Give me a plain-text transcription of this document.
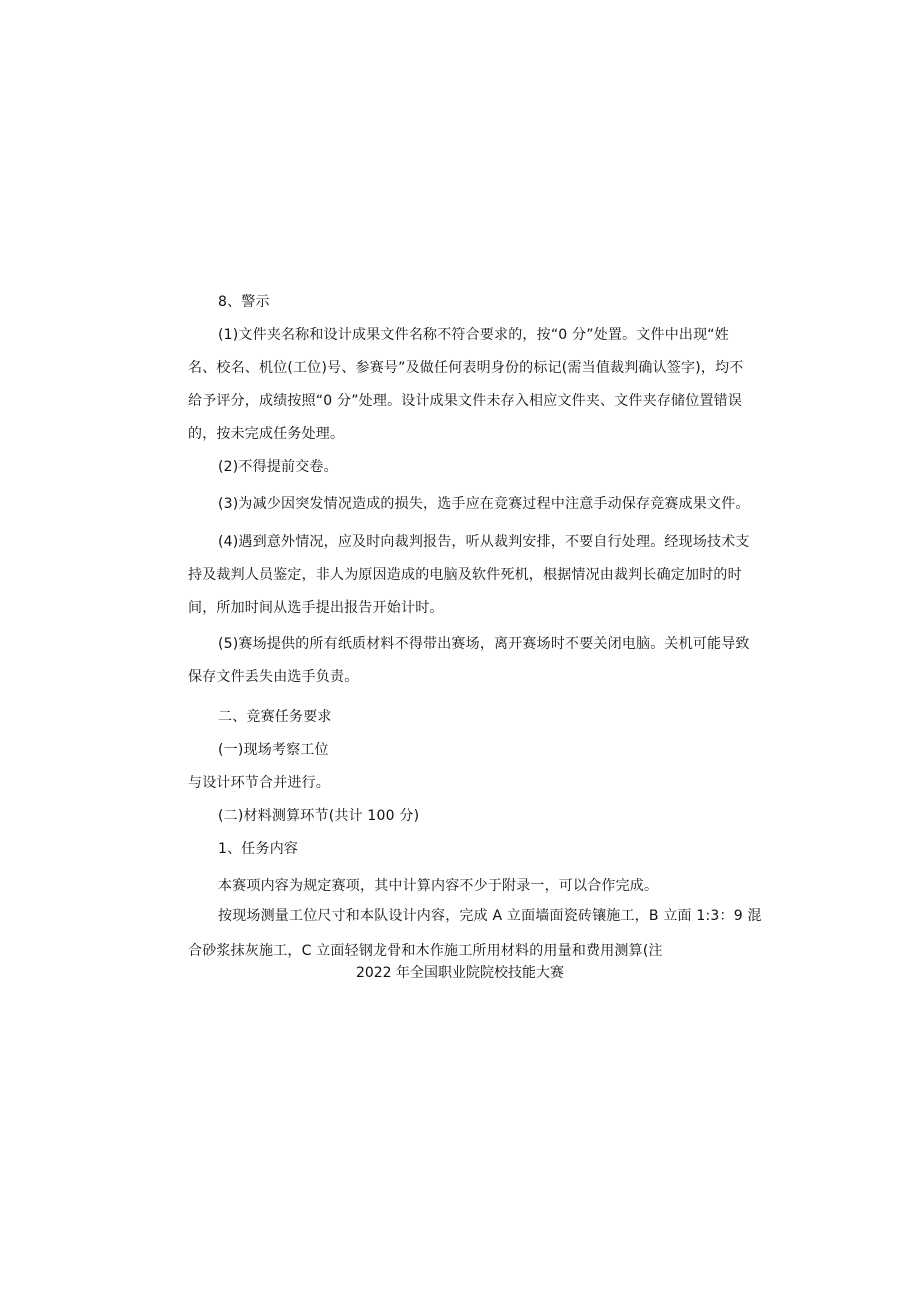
8、警示
(1)文件夹名称和设计成果文件名称不符合要求的，按“0 分”处置。文件中出现“姓
名、校名、机位(工位)号、参赛号”及做任何表明身份的标记(需当值裁判确认签字)，均不
给予评分，成绩按照“0 分”处理。设计成果文件未存入相应文件夹、文件夹存储位置错误
的，按未完成任务处理。
(2)不得提前交卷。
(3)为减少因突发情况造成的损失，选手应在竞赛过程中注意手动保存竞赛成果文件。
(4)遇到意外情况，应及时向裁判报告，听从裁判安排，不要自行处理。经现场技术支
持及裁判人员鉴定，非人为原因造成的电脑及软件死机，根据情况由裁判长确定加时的时
间，所加时间从选手提出报告开始计时。
(5)赛场提供的所有纸质材料不得带出赛场，离开赛场时不要关闭电脑。关机可能导致
保存文件丢失由选手负责。
二、竞赛任务要求
(一)现场考察工位
与设计环节合并进行。
(二)材料测算环节(共计 100 分)
1、任务内容
本赛项内容为规定赛项，其中计算内容不少于附录一，可以合作完成。
按现场测量工位尺寸和本队设计内容，完成 A 立面墙面瓷砖镶施工，B 立面 1:3：9 混
合砂浆抹灰施工，C 立面轻钢龙骨和木作施工所用材料的用量和费用测算(注
2022 年全国职业院院校技能大赛
